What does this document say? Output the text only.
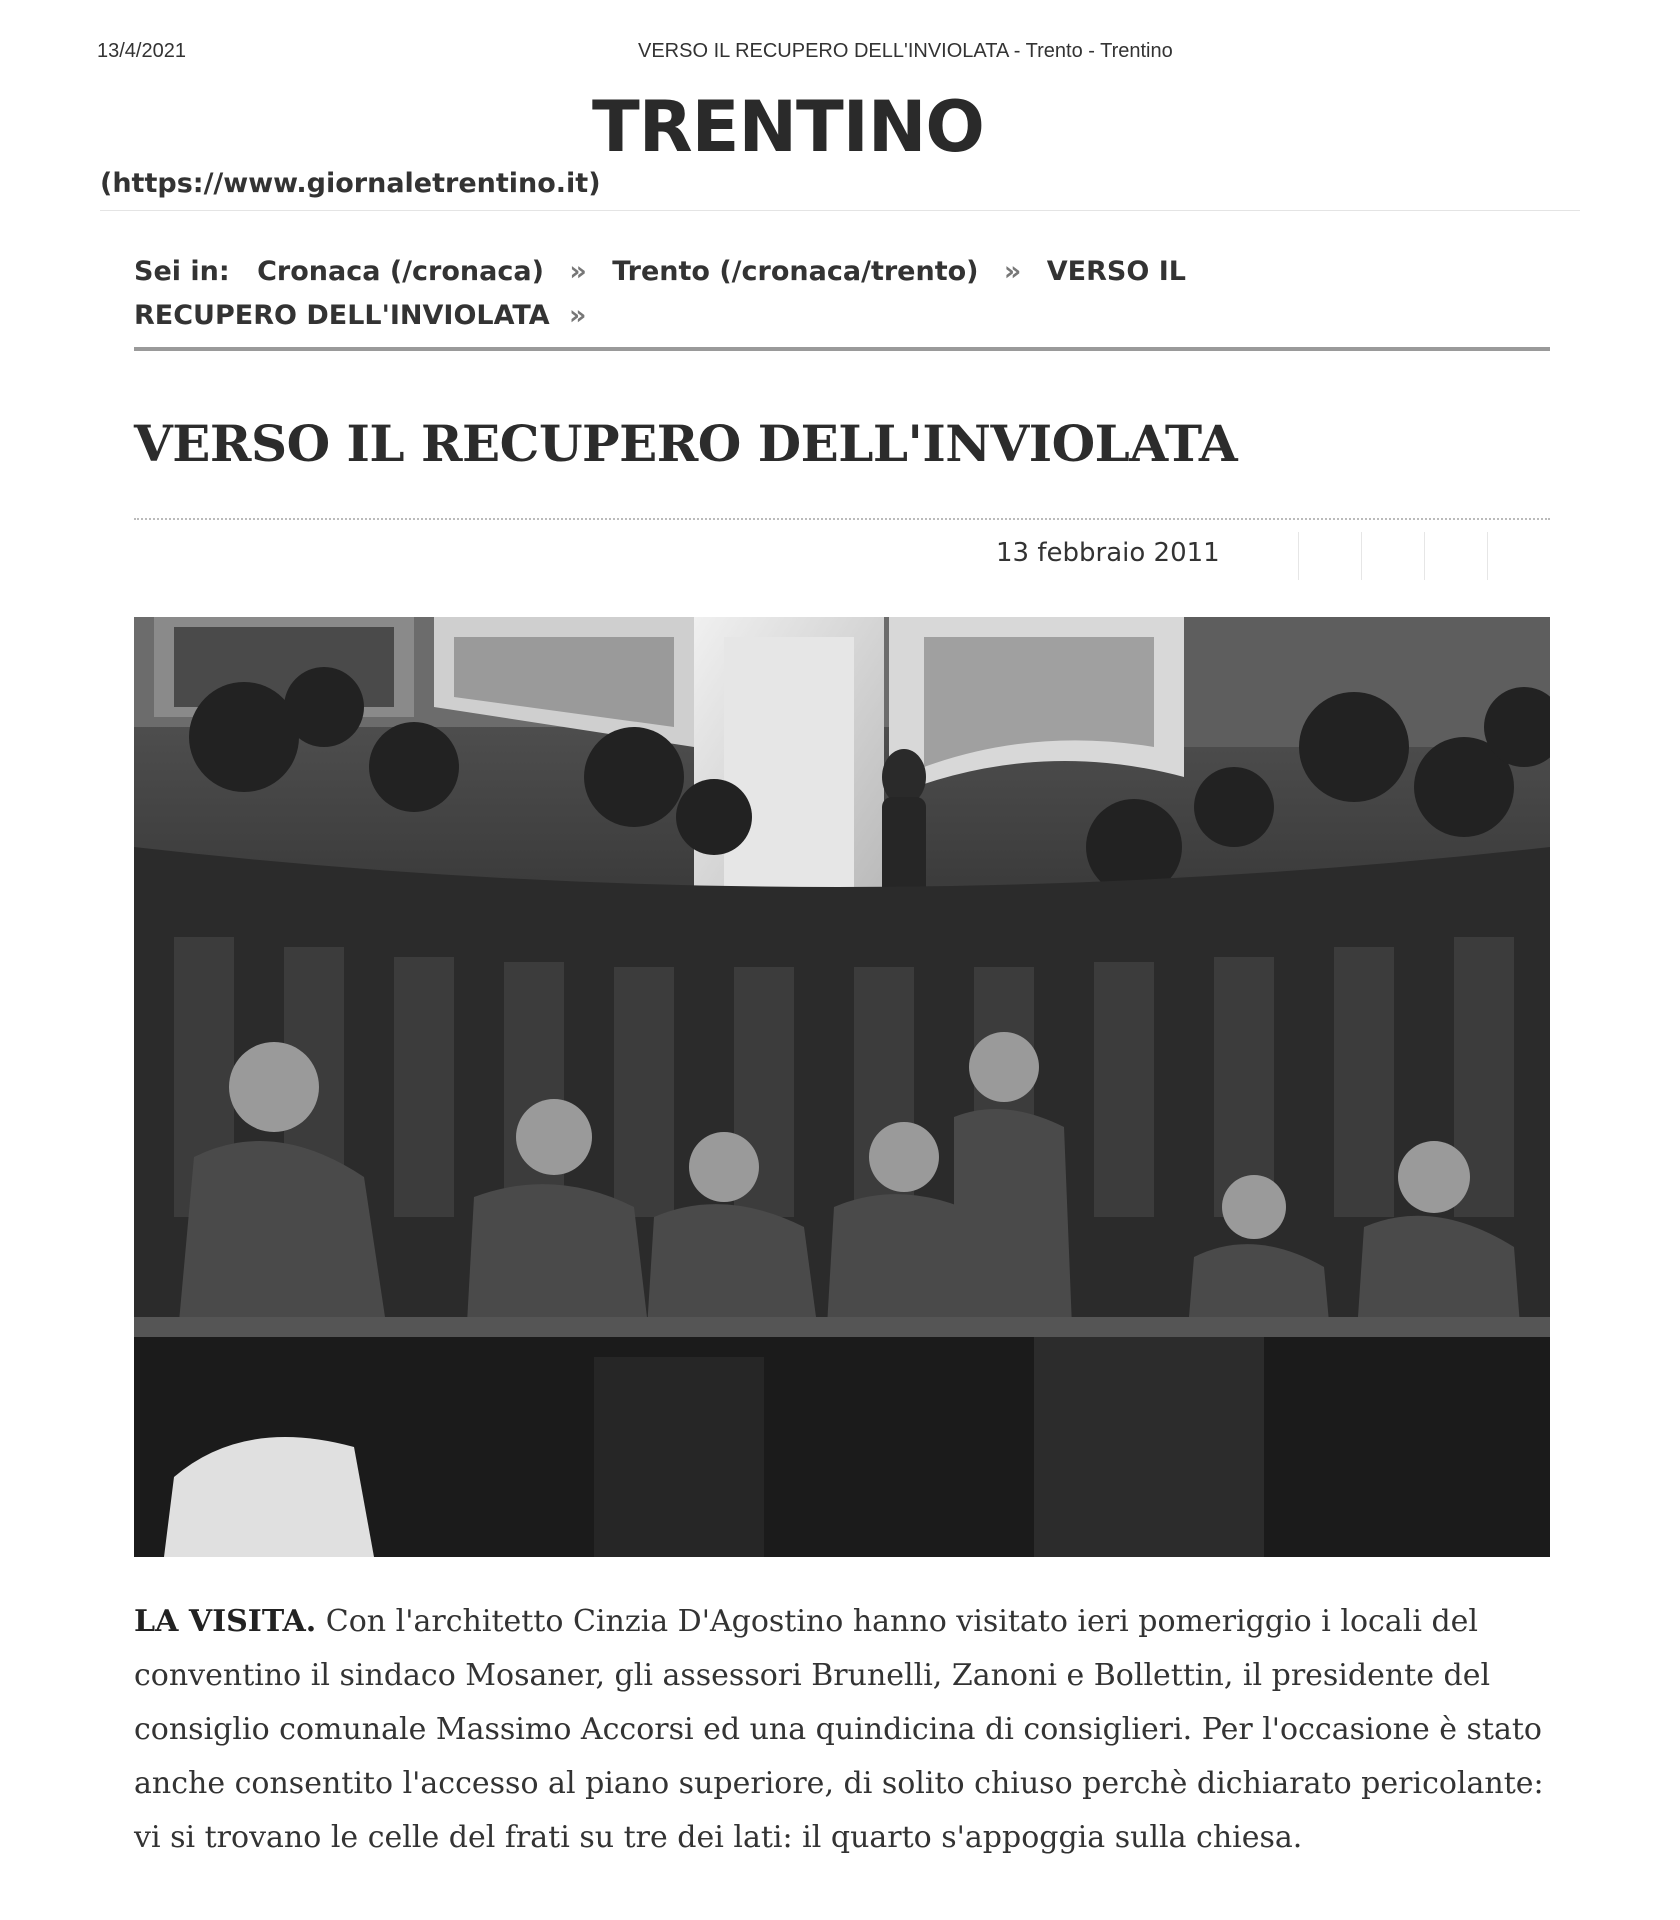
13/4/2021	VERSO IL RECUPERO DELL'INVIOLATA - Trento - Trentino
TRENTINO
(https://www.giornaletrentino.it)
Sei in: Cronaca (/cronaca) » Trento (/cronaca/trento) » VERSO IL RECUPERO DELL'INVIOLATA »
VERSO IL RECUPERO DELL'INVIOLATA
13 febbraio 2011

LA VISITA. Con l'architetto Cinzia D'Agostino hanno visitato ieri pomeriggio i locali del conventino il sindaco Mosaner, gli assessori Brunelli, Zanoni e Bollettin, il presidente del consiglio comunale Massimo Accorsi ed una quindicina di consiglieri. Per l'occasione è stato anche consentito l'accesso al piano superiore, di solito chiuso perchè dichiarato pericolante: vi si trovano le celle del frati su tre dei lati: il quarto s'appoggia sulla chiesa.
